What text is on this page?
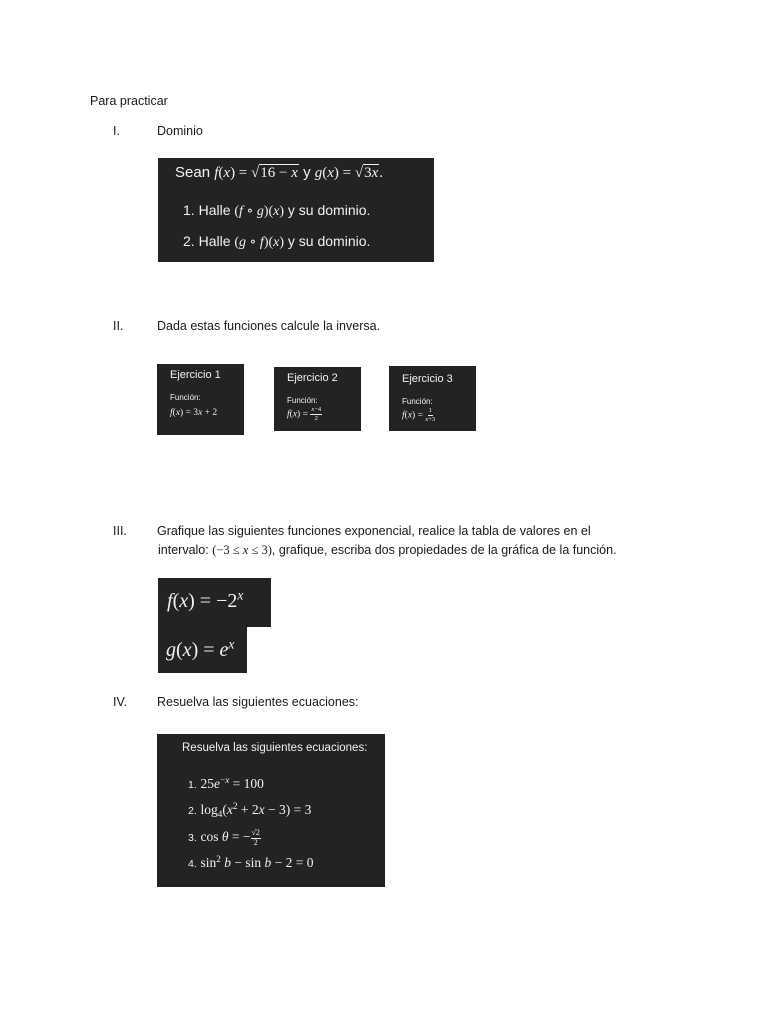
Para practicar
I.	Dominio
Sean f(x) = √16 − x y g(x) = √3x.
1. Halle (f ∘ g)(x) y su dominio.
2. Halle (g ∘ f)(x) y su dominio.
II.	Dada estas funciones calcule la inversa.
Ejercicio 1
Función:
f(x) = 3x + 2
Ejercicio 2
Función:
$f(x) = \frac{x-4}{2}$
Ejercicio 3
Función:
$f(x) = \frac{1}{x+3}$
III. Grafique las siguientes funciones exponencial, realice la tabla de valores en el
intervalo: (−3 ≤ x ≤ 3), grafique, escriba dos propiedades de la gráfica de la función.
$f(x) = -2^x$
$g(x) = e^x$
IV. Resuelva las siguientes ecuaciones:
Resuelva las siguientes ecuaciones:
1. $25e^{-x} = 100$
2. $\log_4(x^2 + 2x - 3) = 3$
3. cos θ = − $\frac{√2}{2}$
4. $\sin^2 b - \sin b - 2 = 0$
